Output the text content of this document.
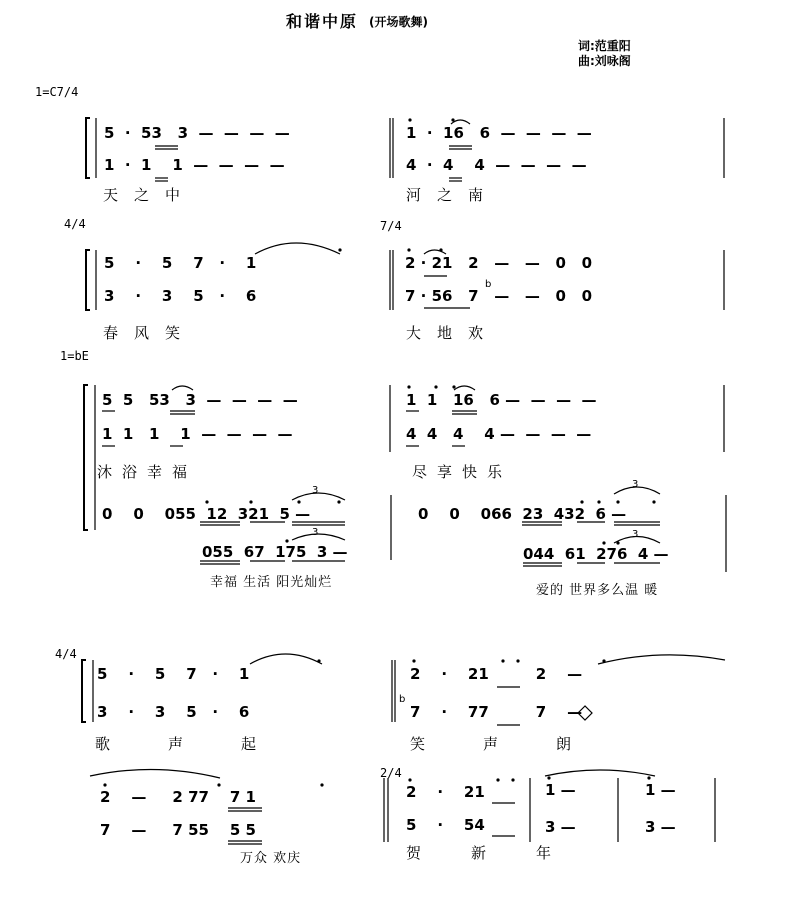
和谐中原 (开场歌舞)
词:范重阳
曲:刘咏阁
1=C7/4
4/4	7/4
1=bE
4/4
2/4
5  ·  53   3  —  —  —  —
1  ·  1    1  —  —  —  —
1  ·  16   6  —  —  —  —
4  ·  4    4  —  —  —  —
天之中	河之南
5    ·    5    7   ·    1
3    ·    3    5   ·    6
2 · 21   2   —   —   0   0
7 · 56   7   —   —   0   0
b
春风笑	大地欢
5  5   53   3  —  —  —  —
1  1   1    1  —  —  —  —
1  1   16   6 —  —  —  —
4  4   4    4 —  —  —  —
沐浴幸福	尽享快乐
0    0    055  12  321  5 —
055  67  175  3 —
0    0    066  23  432  6 —
044  61  276  4 —
幸福 生活 阳光灿烂
爱的 世界多么温 暖
3
3
3
3
5    ·    5    7   ·    1
3    ·    3    5   ·    6
2    ·    21         2    —
7    ·    77         7    —
b
歌声起	笑声朗
2    —     2 77    7 1
7    —     7 55    5 5
万众 欢庆
2    ·    21
5    ·    54
贺新年
1 —
3 —
1 —
3 —
